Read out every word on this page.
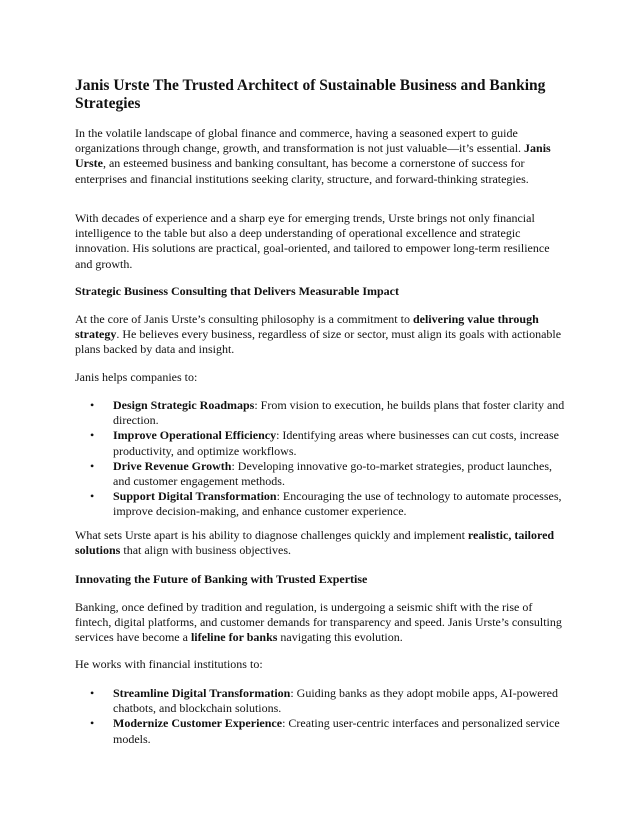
Janis Urste The Trusted Architect of Sustainable Business and Banking Strategies

In the volatile landscape of global finance and commerce, having a seasoned expert to guide organizations through change, growth, and transformation is not just valuable—it’s essential. Janis Urste, an esteemed business and banking consultant, has become a cornerstone of success for enterprises and financial institutions seeking clarity, structure, and forward-thinking strategies.

With decades of experience and a sharp eye for emerging trends, Urste brings not only financial intelligence to the table but also a deep understanding of operational excellence and strategic innovation. His solutions are practical, goal-oriented, and tailored to empower long-term resilience and growth.

Strategic Business Consulting that Delivers Measurable Impact

At the core of Janis Urste’s consulting philosophy is a commitment to delivering value through strategy. He believes every business, regardless of size or sector, must align its goals with actionable plans backed by data and insight.

Janis helps companies to:

• Design Strategic Roadmaps: From vision to execution, he builds plans that foster clarity and direction.
• Improve Operational Efficiency: Identifying areas where businesses can cut costs, increase productivity, and optimize workflows.
• Drive Revenue Growth: Developing innovative go-to-market strategies, product launches, and customer engagement methods.
• Support Digital Transformation: Encouraging the use of technology to automate processes, improve decision-making, and enhance customer experience.

What sets Urste apart is his ability to diagnose challenges quickly and implement realistic, tailored solutions that align with business objectives.

Innovating the Future of Banking with Trusted Expertise

Banking, once defined by tradition and regulation, is undergoing a seismic shift with the rise of fintech, digital platforms, and customer demands for transparency and speed. Janis Urste’s consulting services have become a lifeline for banks navigating this evolution.

He works with financial institutions to:

• Streamline Digital Transformation: Guiding banks as they adopt mobile apps, AI-powered chatbots, and blockchain solutions.
• Modernize Customer Experience: Creating user-centric interfaces and personalized service models.
